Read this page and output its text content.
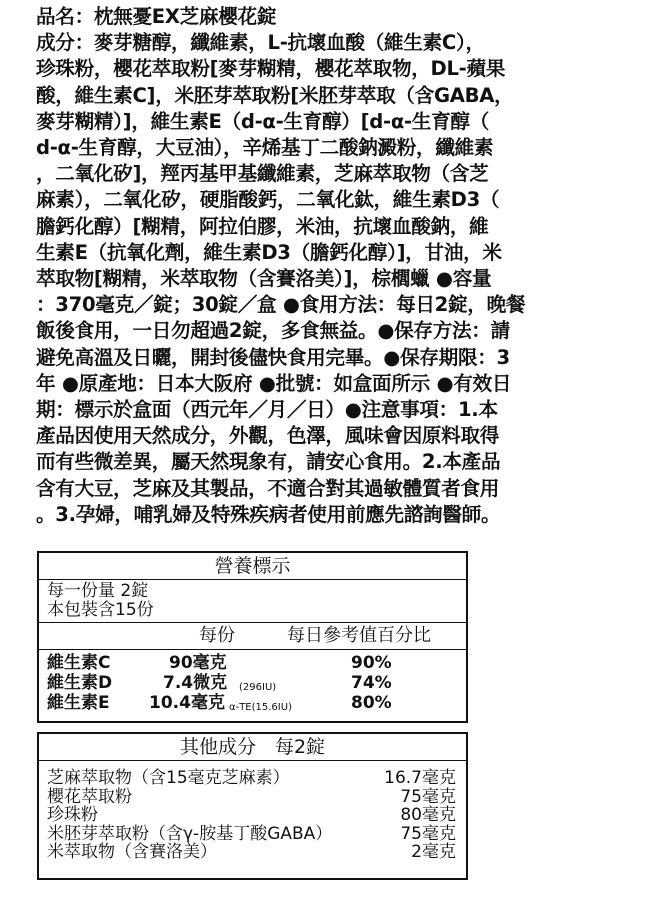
品名：枕無憂EX芝麻櫻花錠
成分：麥芽糖醇，纖維素，L-抗壞血酸（維生素C），
珍珠粉，櫻花萃取粉[麥芽糊精，櫻花萃取物，DL-蘋果
酸，維生素C]，米胚芽萃取粉[米胚芽萃取（含GABA，
麥芽糊精）]，維生素E（d-α-生育醇）[d-α-生育醇（
d-α-生育醇，大豆油），辛烯基丁二酸鈉澱粉，纖維素
，二氧化矽]，羥丙基甲基纖維素，芝麻萃取物（含芝
麻素），二氧化矽，硬脂酸鈣，二氧化鈦，維生素D3（
膽鈣化醇）[糊精，阿拉伯膠，米油，抗壞血酸鈉，維
生素E（抗氧化劑，維生素D3（膽鈣化醇）]，甘油，米
萃取物[糊精，米萃取物（含賽洛美）]，棕櫚蠟 ●容量
：370毫克／錠；30錠／盒 ●食用方法：每日2錠，晚餐
飯後食用，一日勿超過2錠，多食無益。●保存方法：請
避免高溫及日曬，開封後儘快食用完畢。●保存期限：3
年 ●原產地：日本大阪府 ●批號：如盒面所示 ●有效日
期：標示於盒面（西元年／月／日）●注意事項：1.本
產品因使用天然成分，外觀，色澤，風味會因原料取得
而有些微差異，屬天然現象有，請安心食用。2.本產品
含有大豆，芝麻及其製品，不適合對其過敏體質者食用
。3.孕婦，哺乳婦及特殊疾病者使用前應先諮詢醫師。
營養標示
每一份量 2錠
本包裝含15份
每份	每日參考值百分比
維生素C	90毫克	90%
維生素D	7.4微克 (296IU)	74%
維生素E 10.4毫克 α-TE(15.6IU)	80%
其他成分　每2錠
芝麻萃取物（含15毫克芝麻素）	16.7毫克
櫻花萃取粉	75毫克
珍珠粉	80毫克
米胚芽萃取粉（含γ-胺基丁酸GABA）	75毫克
米萃取物（含賽洛美）	2毫克
